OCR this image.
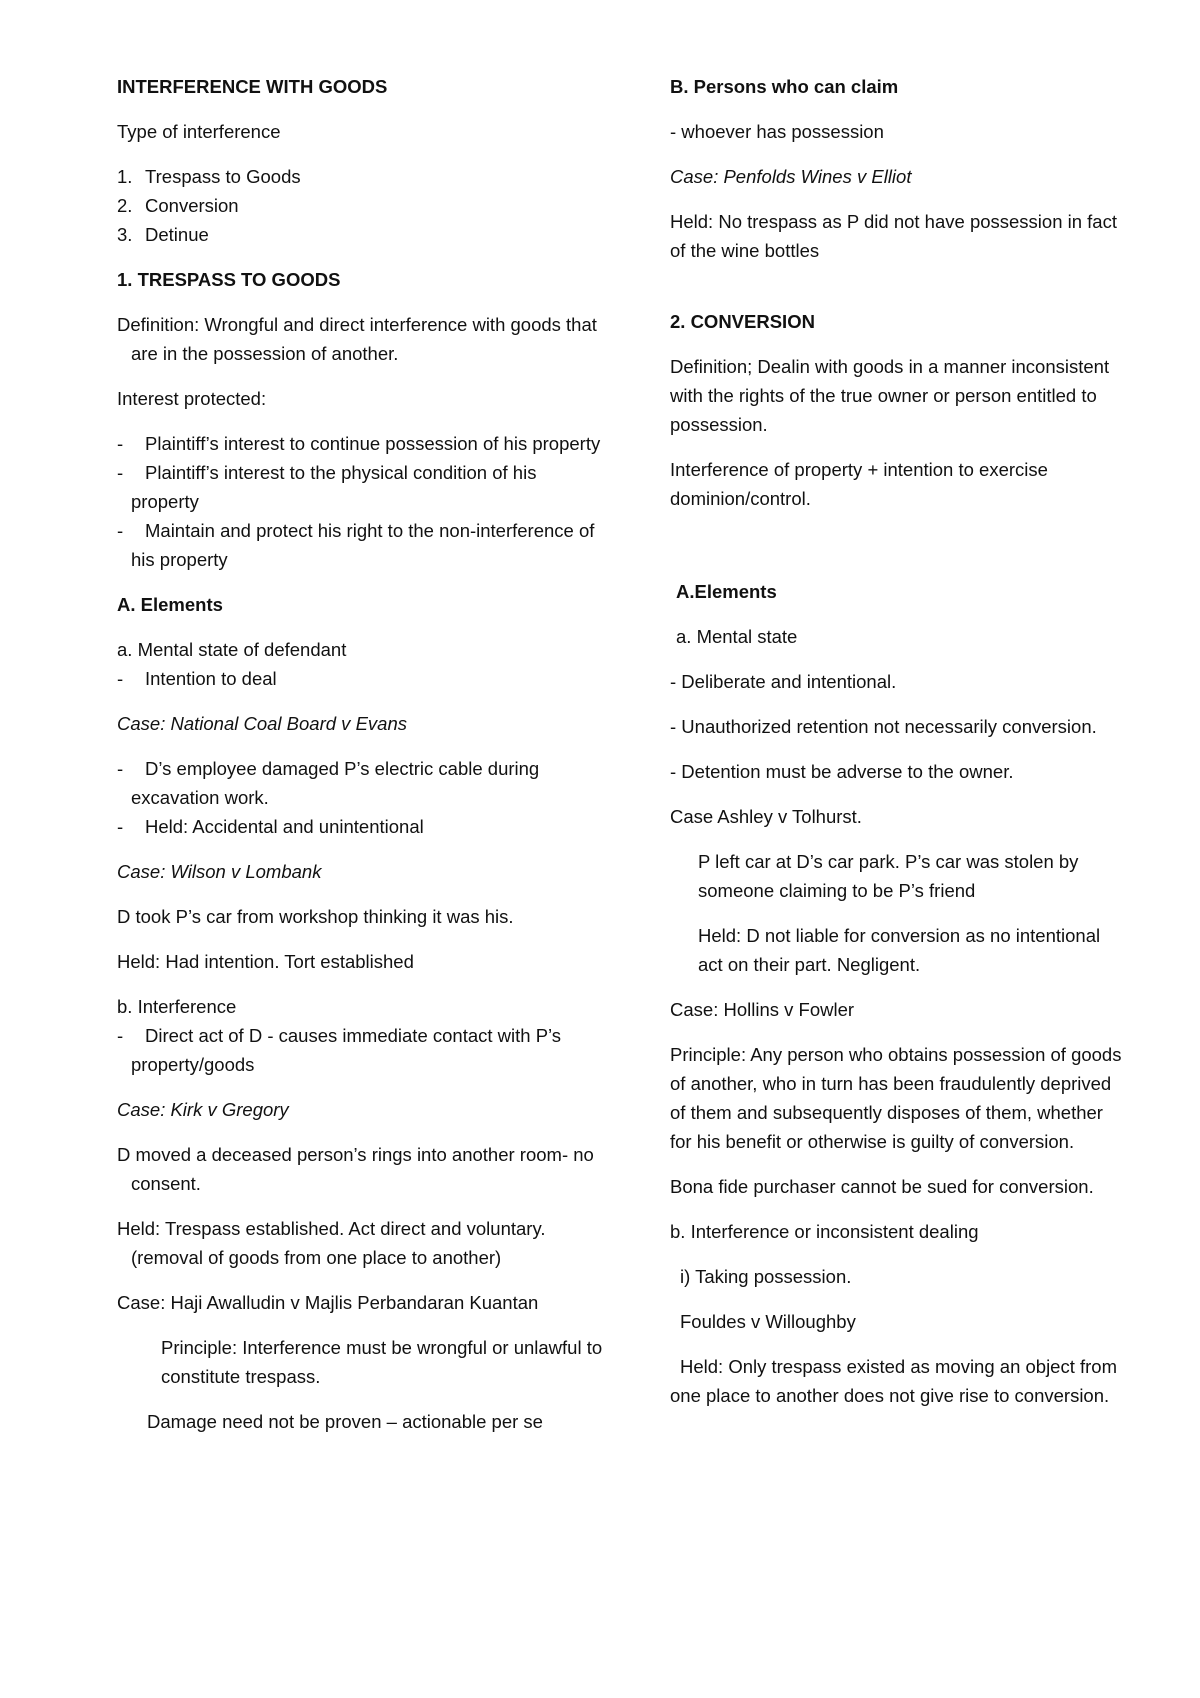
INTERFERENCE WITH GOODS

Type of interference

1. Trespass to Goods
2. Conversion
3. Detinue

1. TRESPASS TO GOODS

Definition: Wrongful and direct interference with goods that are in the possession of another.

Interest protected:

- Plaintiff’s interest to continue possession of his property
- Plaintiff’s interest to the physical condition of his property
- Maintain and protect his right to the non-interference of his property

A. Elements

a. Mental state of defendant
- Intention to deal

Case: National Coal Board v Evans

- D’s employee damaged P’s electric cable during excavation work.
- Held: Accidental and unintentional

Case: Wilson v Lombank

D took P’s car from workshop thinking it was his.

Held: Had intention. Tort established

b. Interference
- Direct act of D - causes immediate contact with P’s property/goods

Case: Kirk v Gregory

D moved a deceased person’s rings into another room- no consent.

Held: Trespass established. Act direct and voluntary. (removal of goods from one place to another)

Case: Haji Awalludin v Majlis Perbandaran Kuantan

Principle: Interference must be wrongful or unlawful to constitute trespass.

Damage need not be proven – actionable per se

B. Persons who can claim

- whoever has possession

Case: Penfolds Wines v Elliot

Held: No trespass as P did not have possession in fact of the wine bottles

2. CONVERSION

Definition; Dealin with goods in a manner inconsistent with the rights of the true owner or person entitled to possession.

Interference of property + intention to exercise dominion/control.

A.Elements

a. Mental state

- Deliberate and intentional.

- Unauthorized retention not necessarily conversion.

- Detention must be adverse to the owner.

Case Ashley v Tolhurst.

P left car at D’s car park. P’s car was stolen by someone claiming to be P’s friend

Held: D not liable for conversion as no intentional act on their part. Negligent.

Case: Hollins v Fowler

Principle: Any person who obtains possession of goods of another, who in turn has been fraudulently deprived of them and subsequently disposes of them, whether for his benefit or otherwise is guilty of conversion.

Bona fide purchaser cannot be sued for conversion.

b. Interference or inconsistent dealing

i) Taking possession.

Fouldes v Willoughby

Held: Only trespass existed as moving an object from one place to another does not give rise to conversion.
